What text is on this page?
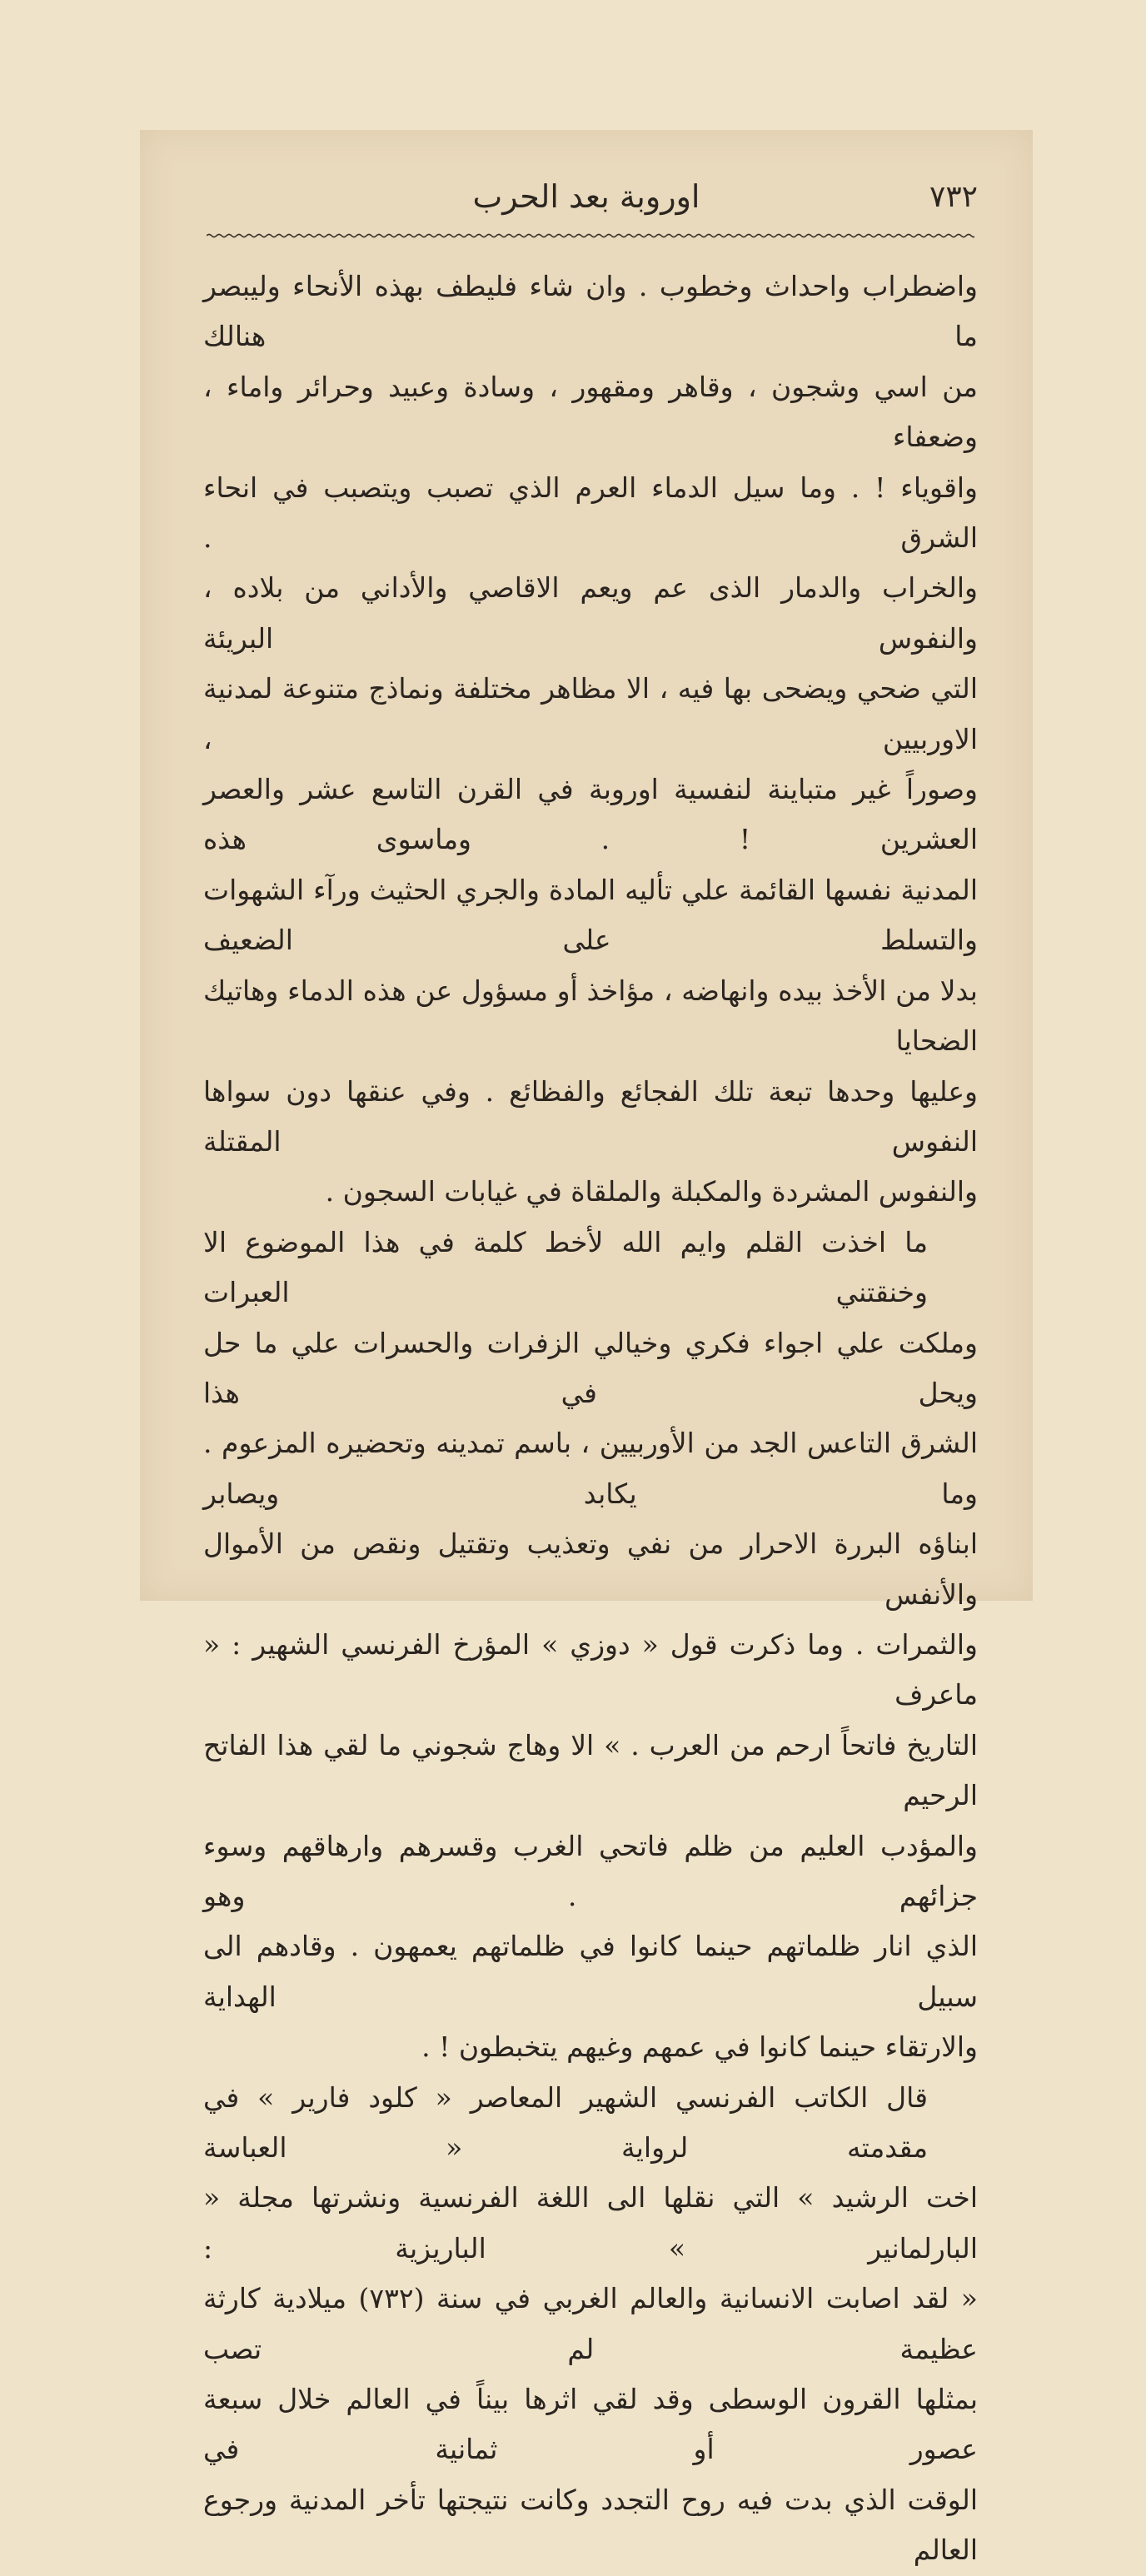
٧٣٢
اوروبة بعد الحرب

واضطراب واحداث وخطوب . وان شاء فليطف بهذه الأنحاء وليبصر ما هنالك

من اسي وشجون ، وقاهر ومقهور ، وسادة وعبيد وحرائر واماء ، وضعفاء

واقوياء ! . وما سيل الدماء العرم الذي تصبب ويتصبب في انحاء الشرق .

والخراب والدمار الذى عم ويعم الاقاصي والأداني من بلاده ، والنفوس البريئة

التي ضحي ويضحى بها فيه ، الا مظاهر مختلفة ونماذج متنوعة لمدنية الاوربيين ،

وصوراً غير متباينة لنفسية اوروبة في القرن التاسع عشر والعصر العشرين ! . وماسوى هذه

المدنية نفسها القائمة علي تأليه المادة والجري الحثيث ورآء الشهوات والتسلط على الضعيف

بدلا من الأخذ بيده وانهاضه ، مؤاخذ أو مسؤول عن هذه الدماء وهاتيك الضحايا

وعليها وحدها تبعة تلك الفجائع والفظائع . وفي عنقها دون سواها النفوس المقتلة

والنفوس المشردة والمكبلة والملقاة في غيابات السجون .

ما اخذت القلم وايم الله لأخط كلمة في هذا الموضوع الا وخنقتني العبرات

وملكت علي اجواء فكري وخيالي الزفرات والحسرات علي ما حل ويحل في هذا

الشرق التاعس الجد من الأوربيين ، باسم تمدينه وتحضيره المزعوم . وما يكابد ويصابر

ابناؤه البررة الاحرار من نفي وتعذيب وتقتيل ونقص من الأموال والأنفس

والثمرات . وما ذكرت قول « دوزي » المؤرخ الفرنسي الشهير : « ماعرف

التاريخ فاتحاً ارحم من العرب . » الا وهاج شجوني ما لقي هذا الفاتح الرحيم

والمؤدب العليم من ظلم فاتحي الغرب وقسرهم وارهاقهم وسوء جزائهم . وهو

الذي انار ظلماتهم حينما كانوا في ظلماتهم يعمهون . وقادهم الى سبيل الهداية

والارتقاء حينما كانوا في عمهم وغيهم يتخبطون ! .

قال الكاتب الفرنسي الشهير المعاصر « كلود فارير » في مقدمته لرواية « العباسة

اخت الرشيد » التي نقلها الى اللغة الفرنسية ونشرتها مجلة « البارلمانير » الباريزية :

« لقد اصابت الانسانية والعالم الغربي في سنة (٧٣٢) ميلادية كارثة عظيمة لم تصب

بمثلها القرون الوسطى وقد لقي اثرها بيناً في العالم خلال سبعة عصور أو ثمانية في

الوقت الذي بدت فيه روح التجدد وكانت نتيجتها تأخر المدنية ورجوع العالم
